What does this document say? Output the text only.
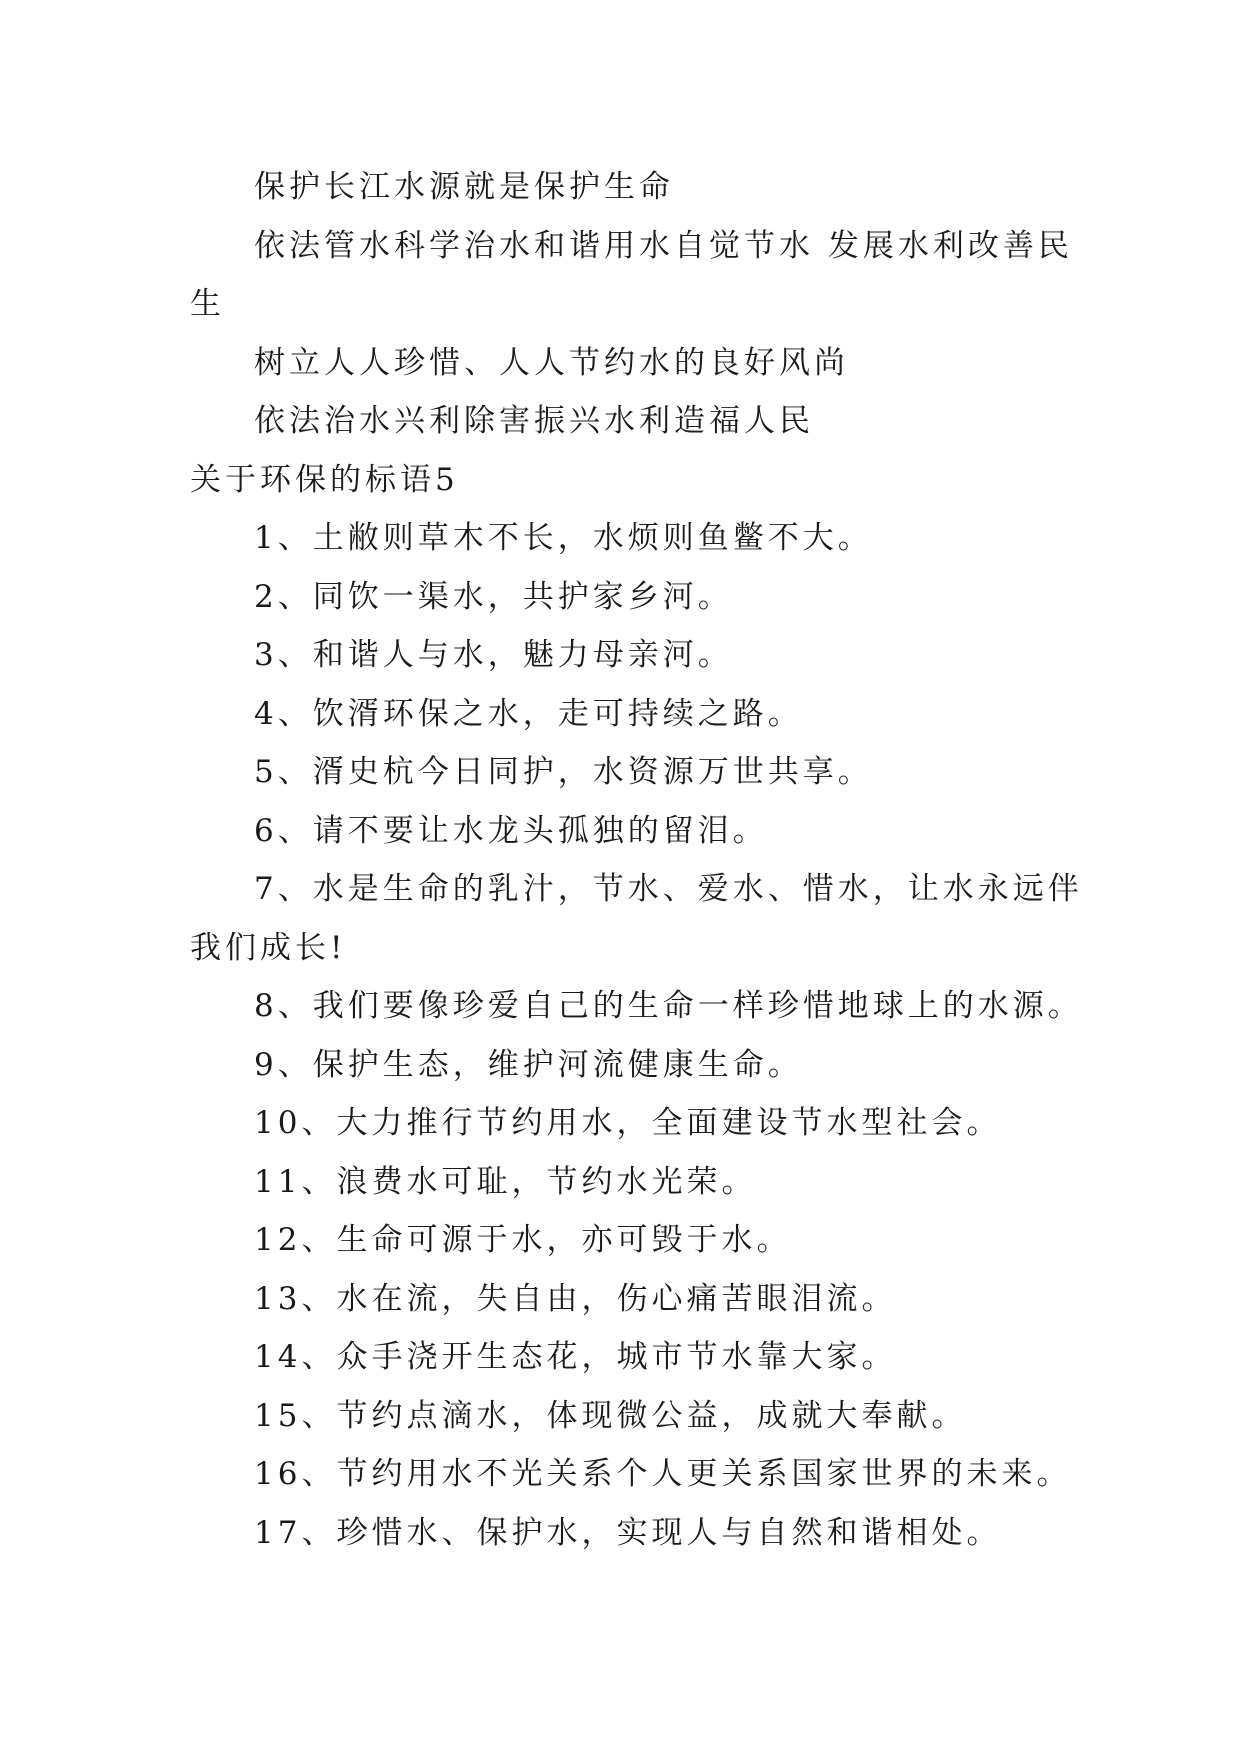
保护长江水源就是保护生命
依法管水科学治水和谐用水自觉节水 发展水利改善民
生
树立人人珍惜、人人节约水的良好风尚
依法治水兴利除害振兴水利造福人民
关于环保的标语5
1、土敝则草木不长，水烦则鱼鳖不大。
2、同饮一渠水，共护家乡河。
3、和谐人与水，魅力母亲河。
4、饮湑环保之水，走可持续之路。
5、湑史杭今日同护，水资源万世共享。
6、请不要让水龙头孤独的留泪。
7、水是生命的乳汁，节水、爱水、惜水，让水永远伴
我们成长!
8、我们要像珍爱自己的生命一样珍惜地球上的水源。
9、保护生态，维护河流健康生命。
10、大力推行节约用水，全面建设节水型社会。
11、浪费水可耻，节约水光荣。
12、生命可源于水，亦可毁于水。
13、水在流，失自由，伤心痛苦眼泪流。
14、众手浇开生态花，城市节水靠大家。
15、节约点滴水，体现微公益，成就大奉献。
16、节约用水不光关系个人更关系国家世界的未来。
17、珍惜水、保护水，实现人与自然和谐相处。
